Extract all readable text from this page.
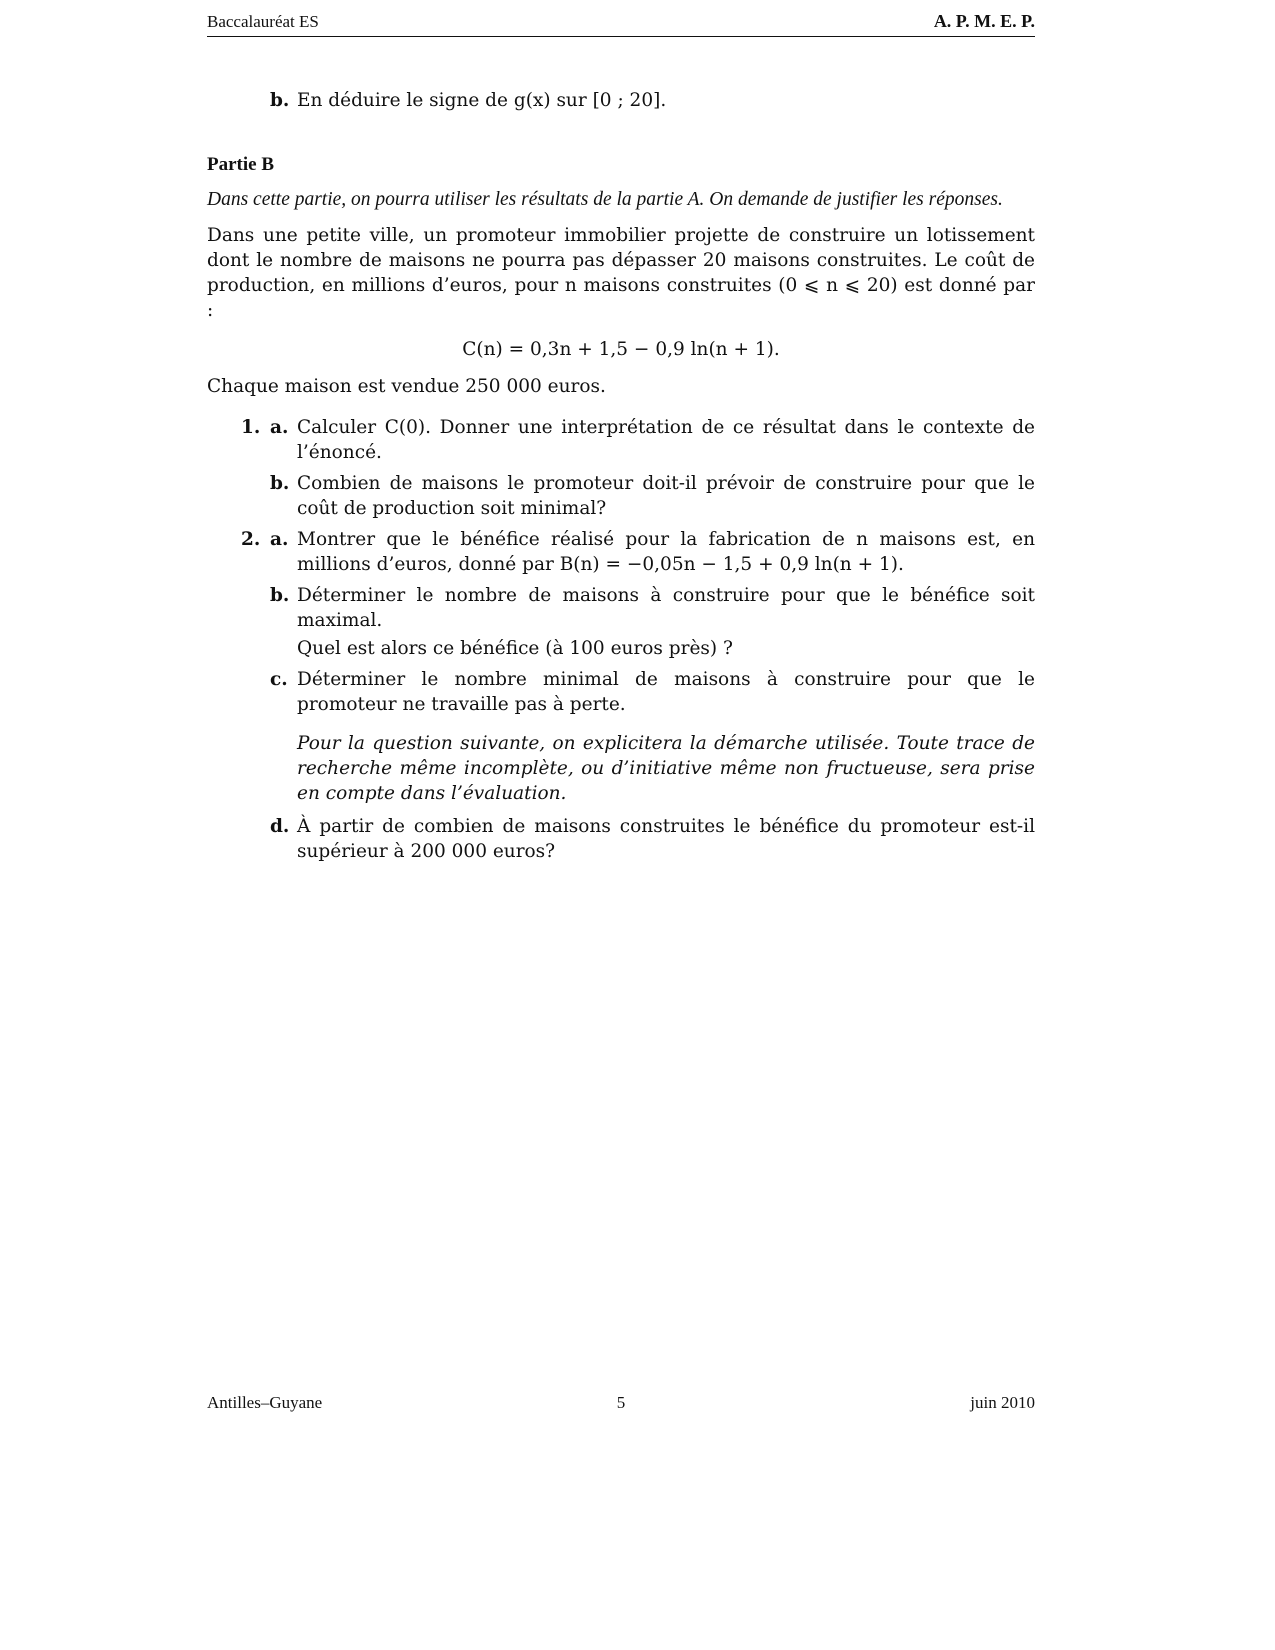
Baccalauréat ES	A. P. M. E. P.
b. En déduire le signe de g(x) sur [0 ; 20].
Partie B
Dans cette partie, on pourra utiliser les résultats de la partie A. On demande de justifier les réponses.
Dans une petite ville, un promoteur immobilier projette de construire un lotissement dont le nombre de maisons ne pourra pas dépasser 20 maisons construites. Le coût de production, en millions d’euros, pour n maisons construites (0 ⩽ n ⩽ 20) est donné par :
C(n) = 0,3n + 1,5 − 0,9 ln(n + 1).
Chaque maison est vendue 250 000 euros.
1. a. Calculer C(0). Donner une interprétation de ce résultat dans le contexte de l’énoncé.
b. Combien de maisons le promoteur doit-il prévoir de construire pour que le coût de production soit minimal?
2. a. Montrer que le bénéfice réalisé pour la fabrication de n maisons est, en millions d’euros, donné par B(n) = −0,05n − 1,5 + 0,9 ln(n + 1).
b. Déterminer le nombre de maisons à construire pour que le bénéfice soit maximal.
Quel est alors ce bénéfice (à 100 euros près) ?
c. Déterminer le nombre minimal de maisons à construire pour que le promoteur ne travaille pas à perte.
Pour la question suivante, on explicitera la démarche utilisée. Toute trace de recherche même incomplète, ou d’initiative même non fructueuse, sera prise en compte dans l’évaluation.
d. À partir de combien de maisons construites le bénéfice du promoteur est-il supérieur à 200 000 euros?
Antilles–Guyane	5	juin 2010
